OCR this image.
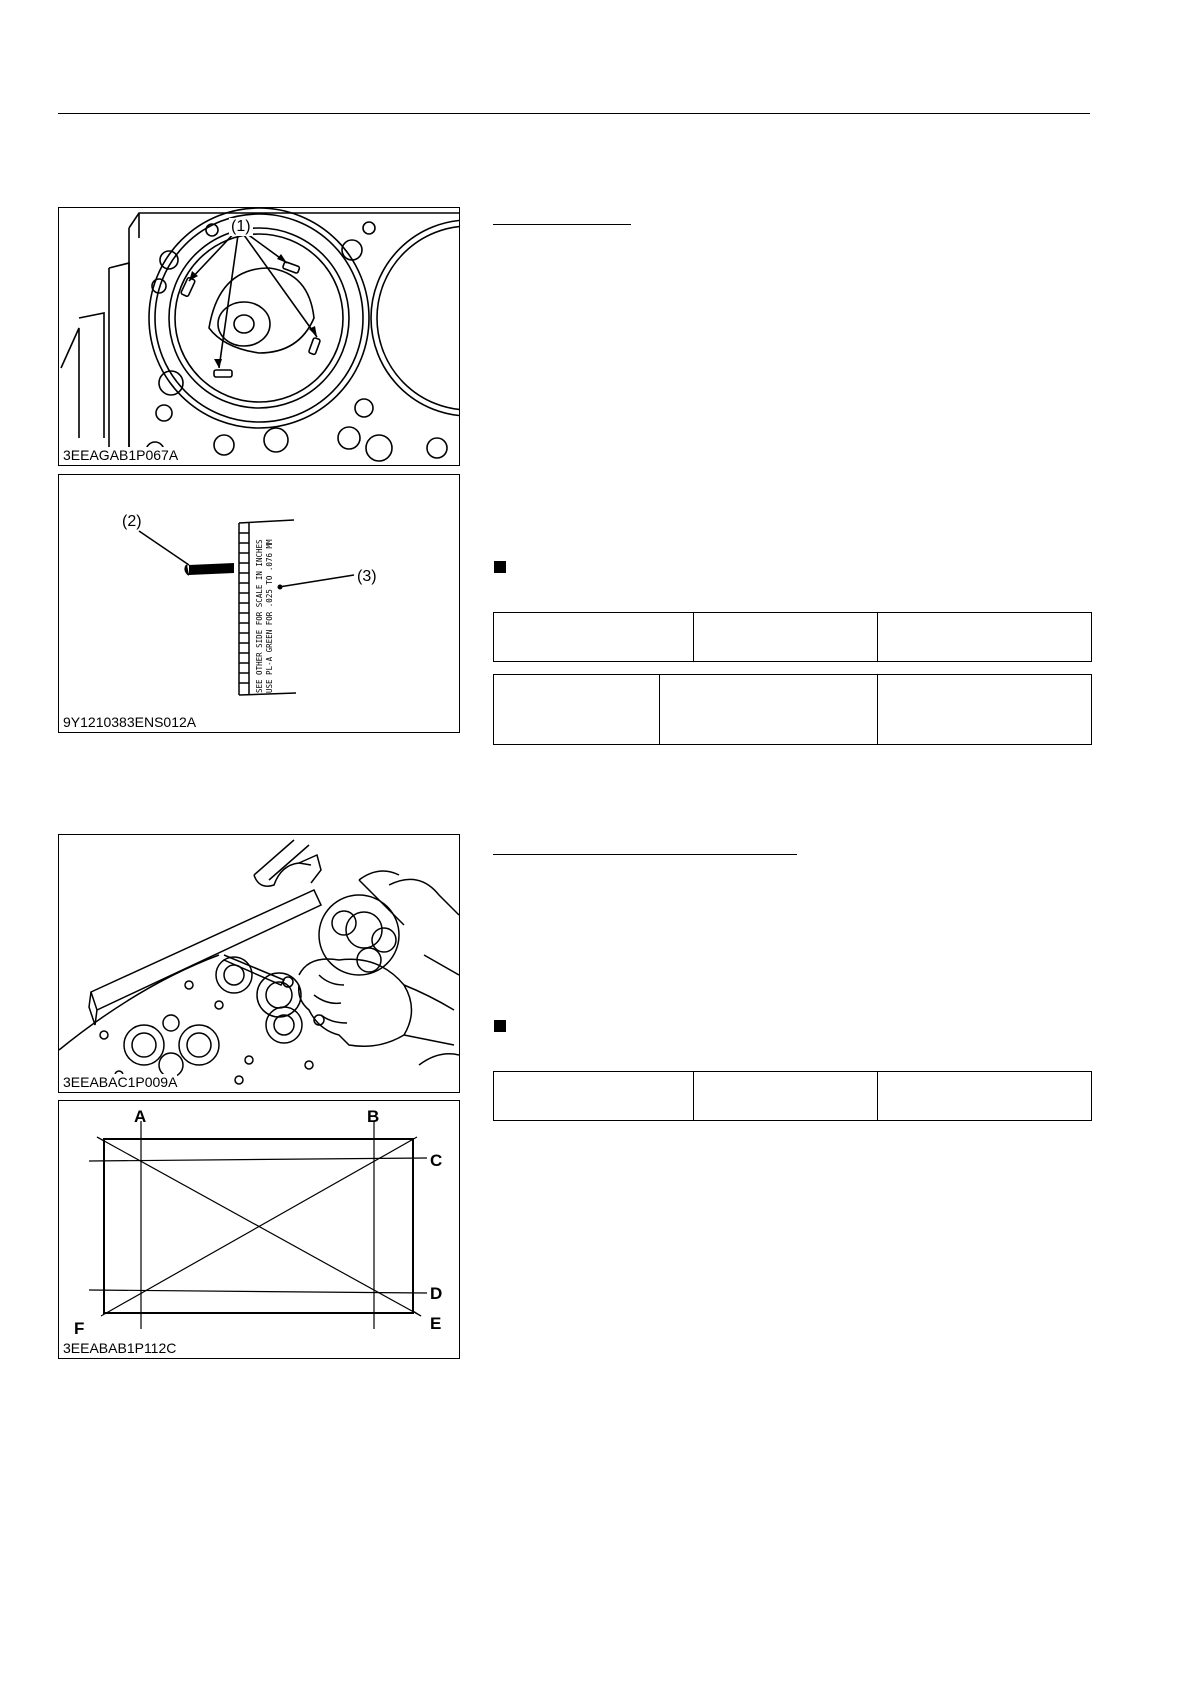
(1)
3EEAGAB1P067A
SEE OTHER SIDE FOR SCALE IN INCHES USE PL-A GREEN FOR .025 TO .076 MM
(2)
(3)
9Y1210383ENS012A
3EEABAC1P009A
A	B
C
D
E
F
3EEABAB1P112C
